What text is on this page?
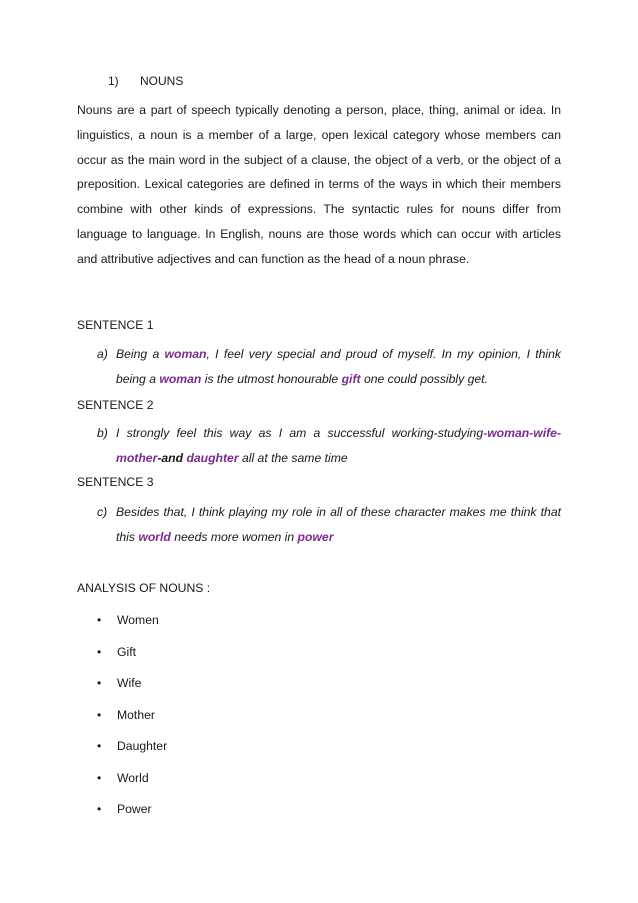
1) NOUNS

Nouns are a part of speech typically denoting a person, place, thing, animal or idea. In linguistics, a noun is a member of a large, open lexical category whose members can occur as the main word in the subject of a clause, the object of a verb, or the object of a preposition. Lexical categories are defined in terms of the ways in which their members combine with other kinds of expressions. The syntactic rules for nouns differ from language to language. In English, nouns are those words which can occur with articles and attributive adjectives and can function as the head of a noun phrase.

SENTENCE 1
a) Being a woman, I feel very special and proud of myself. In my opinion, I think being a woman is the utmost honourable gift one could possibly get.
SENTENCE 2
b) I strongly feel this way as I am a successful working-studying-woman-wife-mother-and daughter all at the same time
SENTENCE 3
c) Besides that, I think playing my role in all of these character makes me think that this world needs more women in power
ANALYSIS OF NOUNS :
• Women
• Gift
• Wife
• Mother
• Daughter
• World
• Power
